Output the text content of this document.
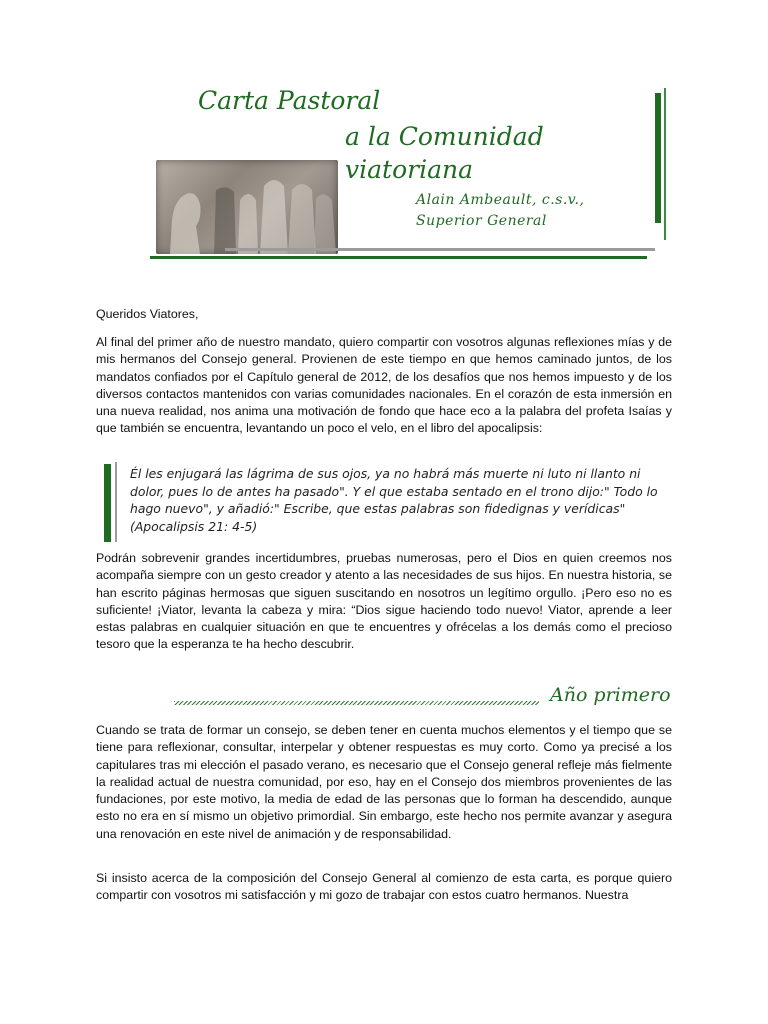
Carta Pastoral
a la Comunidad
viatoriana
Alain Ambeault, c.s.v.,
Superior General
Queridos Viatores,
Al final del primer año de nuestro mandato, quiero compartir con vosotros algunas reflexiones mías y de mis hermanos del Consejo general. Provienen de este tiempo en que hemos caminado juntos, de los mandatos confiados por el Capítulo general de 2012, de los desafíos que nos hemos impuesto y de los diversos contactos mantenidos con varias comunidades nacionales. En el corazón de esta inmersión en una nueva realidad, nos anima una motivación de fondo que hace eco a la palabra del profeta Isaías y que también se encuentra, levantando un poco el velo, en el libro del apocalipsis:
Él les enjugará las lágrima de sus ojos, ya no habrá más muerte ni luto ni llanto ni dolor, pues lo de antes ha pasado". Y el que estaba sentado en el trono dijo:" Todo lo hago nuevo", y añadió:" Escribe, que estas palabras son fidedignas y verídicas" (Apocalipsis 21: 4-5)
Podrán sobrevenir grandes incertidumbres, pruebas numerosas, pero el Dios en quien creemos nos acompaña siempre con un gesto creador y atento a las necesidades de sus hijos. En nuestra historia, se han escrito páginas hermosas que siguen suscitando en nosotros un legítimo orgullo. ¡Pero eso no es suficiente! ¡Viator, levanta la cabeza y mira: “Dios sigue haciendo todo nuevo! Viator, aprende a leer estas palabras en cualquier situación en que te encuentres y ofrécelas a los demás como el precioso tesoro que la esperanza te ha hecho descubrir.
Año primero
Cuando se trata de formar un consejo, se deben tener en cuenta muchos elementos y el tiempo que se tiene para reflexionar, consultar, interpelar y obtener respuestas es muy corto. Como ya precisé a los capitulares tras mi elección el pasado verano, es necesario que el Consejo general refleje más fielmente la realidad actual de nuestra comunidad, por eso, hay en el Consejo dos miembros provenientes de las fundaciones, por este motivo, la media de edad de las personas que lo forman ha descendido, aunque esto no era en sí mismo un objetivo primordial. Sin embargo, este hecho nos permite avanzar y asegura una renovación en este nivel de animación y de responsabilidad.
Si insisto acerca de la composición del Consejo General al comienzo de esta carta, es porque quiero compartir con vosotros mi satisfacción y mi gozo de trabajar con estos cuatro hermanos. Nuestra
